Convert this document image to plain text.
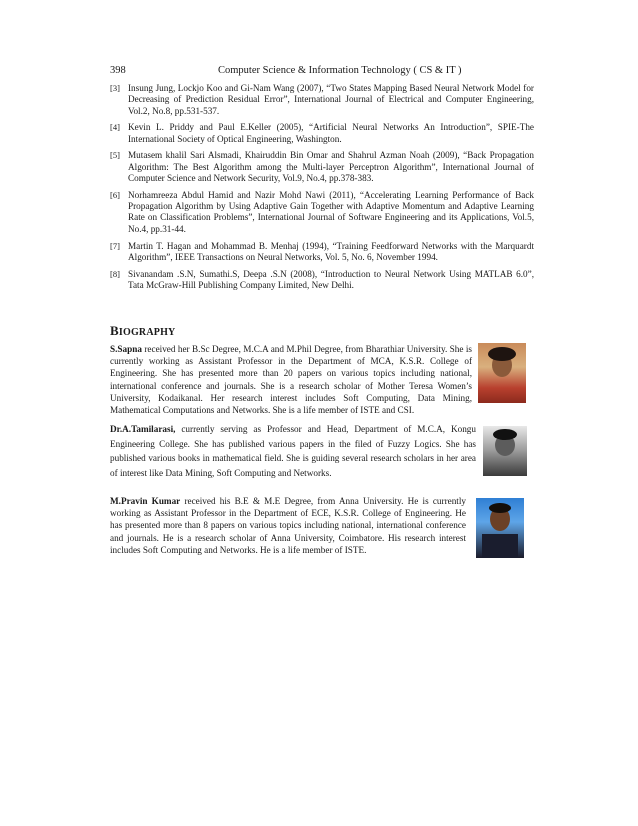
398	Computer Science & Information Technology ( CS & IT )
[3] Insung Jung, Lockjo Koo and Gi-Nam Wang (2007), “Two States Mapping Based Neural Network Model for Decreasing of Prediction Residual Error”, International Journal of Electrical and Computer Engineering, Vol.2, No.8, pp.531-537.
[4] Kevin L. Priddy and Paul E.Keller (2005), “Artificial Neural Networks An Introduction”, SPIE-The International Society of Optical Engineering, Washington.
[5] Mutasem khalil Sari Alsmadi, Khairuddin Bin Omar and Shahrul Azman Noah (2009), “Back Propagation Algorithm: The Best Algorithm among the Multi-layer Perceptron Algorithm”, International Journal of Computer Science and Network Security, Vol.9, No.4, pp.378-383.
[6] Norhamreeza Abdul Hamid and Nazir Mohd Nawi (2011), “Accelerating Learning Performance of Back Propagation Algorithm by Using Adaptive Gain Together with Adaptive Momentum and Adaptive Learning Rate on Classification Problems”, International Journal of Software Engineering and its Applications, Vol.5, No.4, pp.31-44.
[7] Martin T. Hagan and Mohammad B. Menhaj (1994), “Training Feedforward Networks with the Marquardt Algorithm”, IEEE Transactions on Neural Networks, Vol. 5, No. 6, November 1994.
[8] Sivanandam .S.N, Sumathi.S, Deepa .S.N (2008), “Introduction to Neural Network Using MATLAB 6.0”, Tata McGraw-Hill Publishing Company Limited, New Delhi.
BIOGRAPHY
S.Sapna received her B.Sc Degree, M.C.A and M.Phil Degree, from Bharathiar University. She is currently working as Assistant Professor in the Department of MCA, K.S.R. College of Engineering. She has presented more than 20 papers on various topics including national, international conference and journals. She is a research scholar of Mother Teresa Women’s University, Kodaikanal. Her research interest includes Soft Computing, Data Mining, Mathematical Computations and Networks. She is a life member of ISTE and CSI.
Dr.A.Tamilarasi, currently serving as Professor and Head, Department of M.C.A, Kongu Engineering College. She has published various papers in the filed of Fuzzy Logics. She has published various books in mathematical field. She is guiding several research scholars in her area of interest like Data Mining, Soft Computing and Networks.
M.Pravin Kumar received his B.E & M.E Degree, from Anna University. He is currently working as Assistant Professor in the Department of ECE, K.S.R. College of Engineering. He has presented more than 8 papers on various topics including national, international conference and journals. He is a research scholar of Anna University, Coimbatore. His research interest includes Soft Computing and Networks. He is a life member of ISTE.
